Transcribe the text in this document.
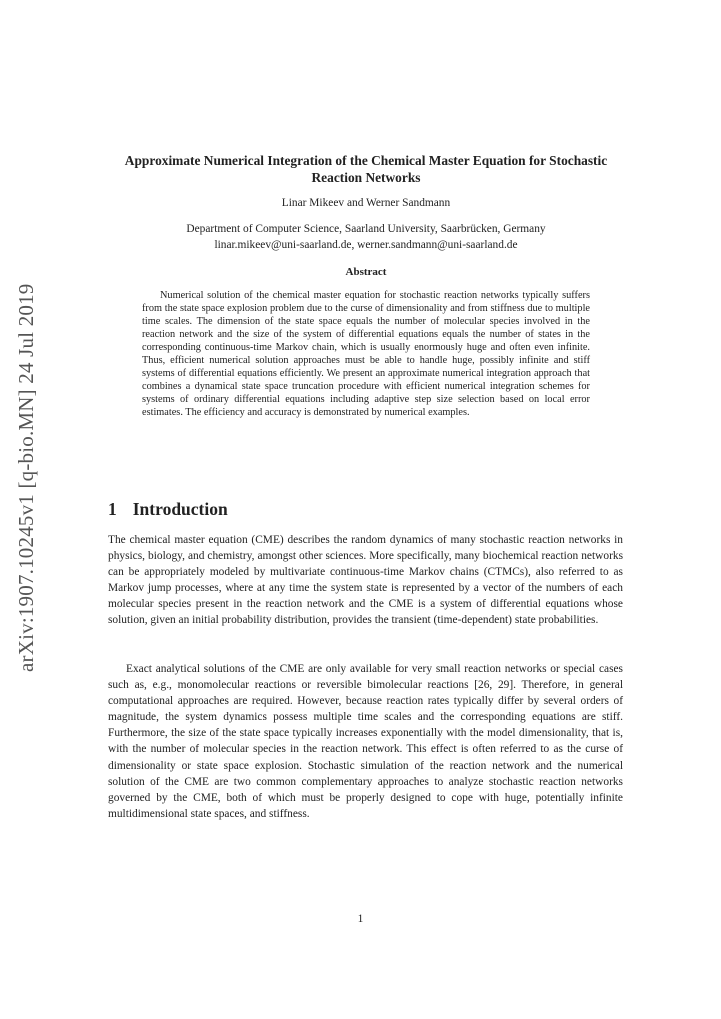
arXiv:1907.10245v1 [q-bio.MN] 24 Jul 2019
Approximate Numerical Integration of the Chemical Master Equation for Stochastic Reaction Networks
Linar Mikeev and Werner Sandmann
Department of Computer Science, Saarland University, Saarbrücken, Germany
linar.mikeev@uni-saarland.de, werner.sandmann@uni-saarland.de
Abstract

Numerical solution of the chemical master equation for stochastic reaction networks typically suffers from the state space explosion problem due to the curse of dimensionality and from stiffness due to multiple time scales. The dimension of the state space equals the number of molecular species involved in the reaction network and the size of the system of differential equations equals the number of states in the corresponding continuous-time Markov chain, which is usually enormously huge and often even infinite. Thus, efficient numerical solution approaches must be able to handle huge, possibly infinite and stiff systems of differential equations efficiently. We present an approximate numerical integration approach that combines a dynamical state space truncation procedure with efficient numerical integration schemes for systems of ordinary differential equations including adaptive step size selection based on local error estimates. The efficiency and accuracy is demonstrated by numerical examples.

1 Introduction

The chemical master equation (CME) describes the random dynamics of many stochastic reaction networks in physics, biology, and chemistry, amongst other sciences. More specifically, many biochemical reaction networks can be appropriately modeled by multivariate continuous-time Markov chains (CTMCs), also referred to as Markov jump processes, where at any time the system state is represented by a vector of the numbers of each molecular species present in the reaction network and the CME is a system of differential equations whose solution, given an initial probability distribution, provides the transient (time-dependent) state probabilities.

Exact analytical solutions of the CME are only available for very small reaction networks or special cases such as, e.g., monomolecular reactions or reversible bimolecular reactions [26, 29]. Therefore, in general computational approaches are required. However, because reaction rates typically differ by several orders of magnitude, the system dynamics possess multiple time scales and the corresponding equations are stiff. Furthermore, the size of the state space typically increases exponentially with the model dimensionality, that is, with the number of molecular species in the reaction network. This effect is often referred to as the curse of dimensionality or state space explosion. Stochastic simulation of the reaction network and the numerical solution of the CME are two common complementary approaches to analyze stochastic reaction networks governed by the CME, both of which must be properly designed to cope with huge, potentially infinite multidimensional state spaces, and stiffness.

1
